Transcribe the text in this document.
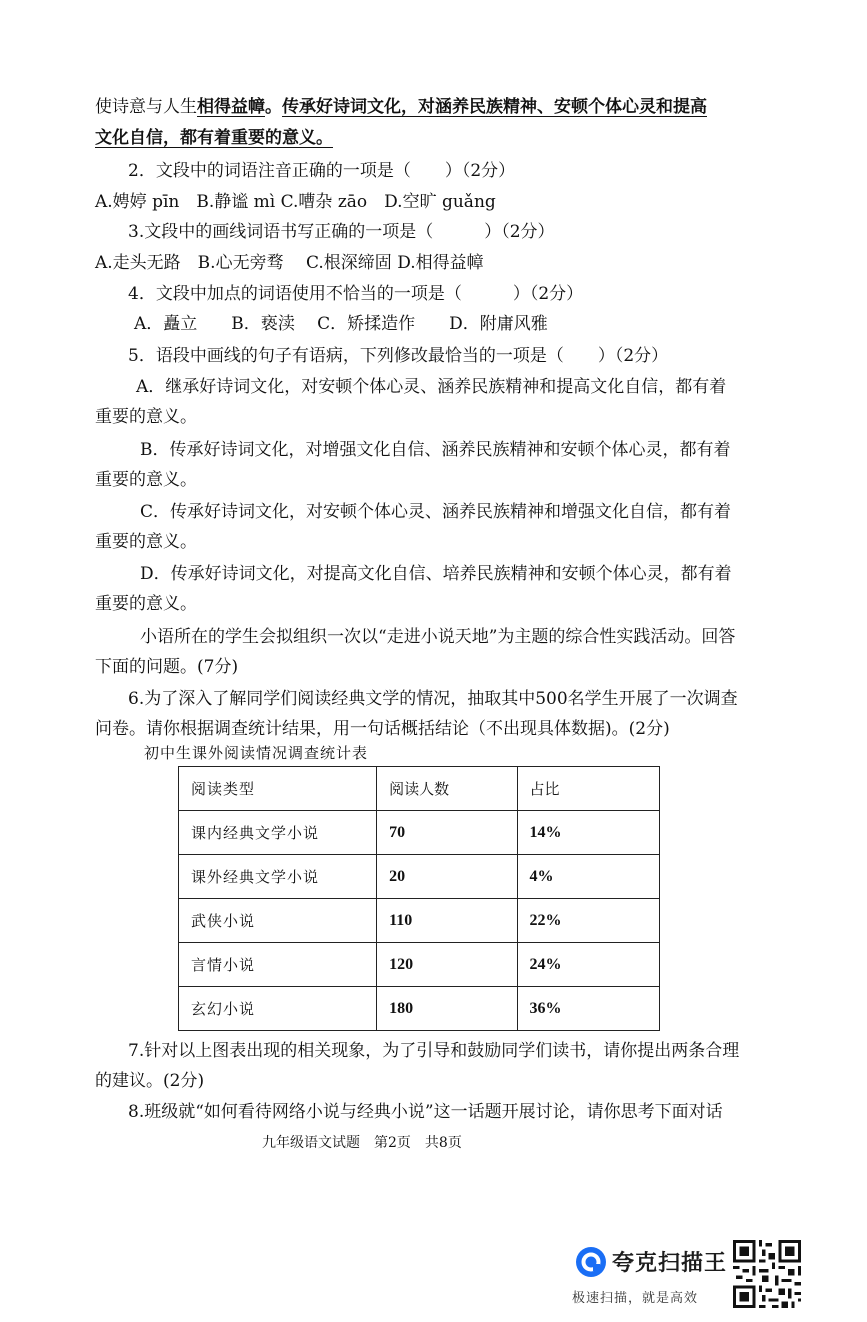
使诗意与人生相得益幛。传承好诗词文化，对涵养民族精神、安顿个体心灵和提高
文化自信，都有着重要的意义。
2．文段中的词语注音正确的一项是（　　）（2分）
A.娉婷 pīn　B.静谧 mì C.嘈杂 zāo　D.空旷 guǎng
3.文段中的画线词语书写正确的一项是（　　　）（2分）
A.走头无路　B.心无旁骛　 C.根深缔固 D.相得益幛
4．文段中加点的词语使用不恰当的一项是（　　　）（2分）
A．矗立　　B．亵渎　 C．矫揉造作　　D．附庸风雅
5．语段中画线的句子有语病，下列修改最恰当的一项是（　　）（2分）
A．继承好诗词文化，对安顿个体心灵、涵养民族精神和提高文化自信，都有着
重要的意义。
B．传承好诗词文化，对增强文化自信、涵养民族精神和安顿个体心灵，都有着
重要的意义。
C．传承好诗词文化，对安顿个体心灵、涵养民族精神和增强文化自信，都有着
重要的意义。
D．传承好诗词文化，对提高文化自信、培养民族精神和安顿个体心灵，都有着
重要的意义。
小语所在的学生会拟组织一次以“走进小说天地”为主题的综合性实践活动。回答
下面的问题。(7分)
6.为了深入了解同学们阅读经典文学的情况，抽取其中500名学生开展了一次调查
问卷。请你根据调查统计结果，用一句话概括结论（不出现具体数据)。(2分)
初中生课外阅读情况调查统计表
阅读类型	阅读人数	占比
课内经典文学小说	70	14%
课外经典文学小说	20	4%
武侠小说	110	22%
言情小说	120	24%
玄幻小说	180	36%
7.针对以上图表出现的相关现象，为了引导和鼓励同学们读书，请你提出两条合理
的建议。(2分)
8.班级就“如何看待网络小说与经典小说”这一话题开展讨论，请你思考下面对话
九年级语文试题　第2页　共8页
夸克扫描王
极速扫描，就是高效
